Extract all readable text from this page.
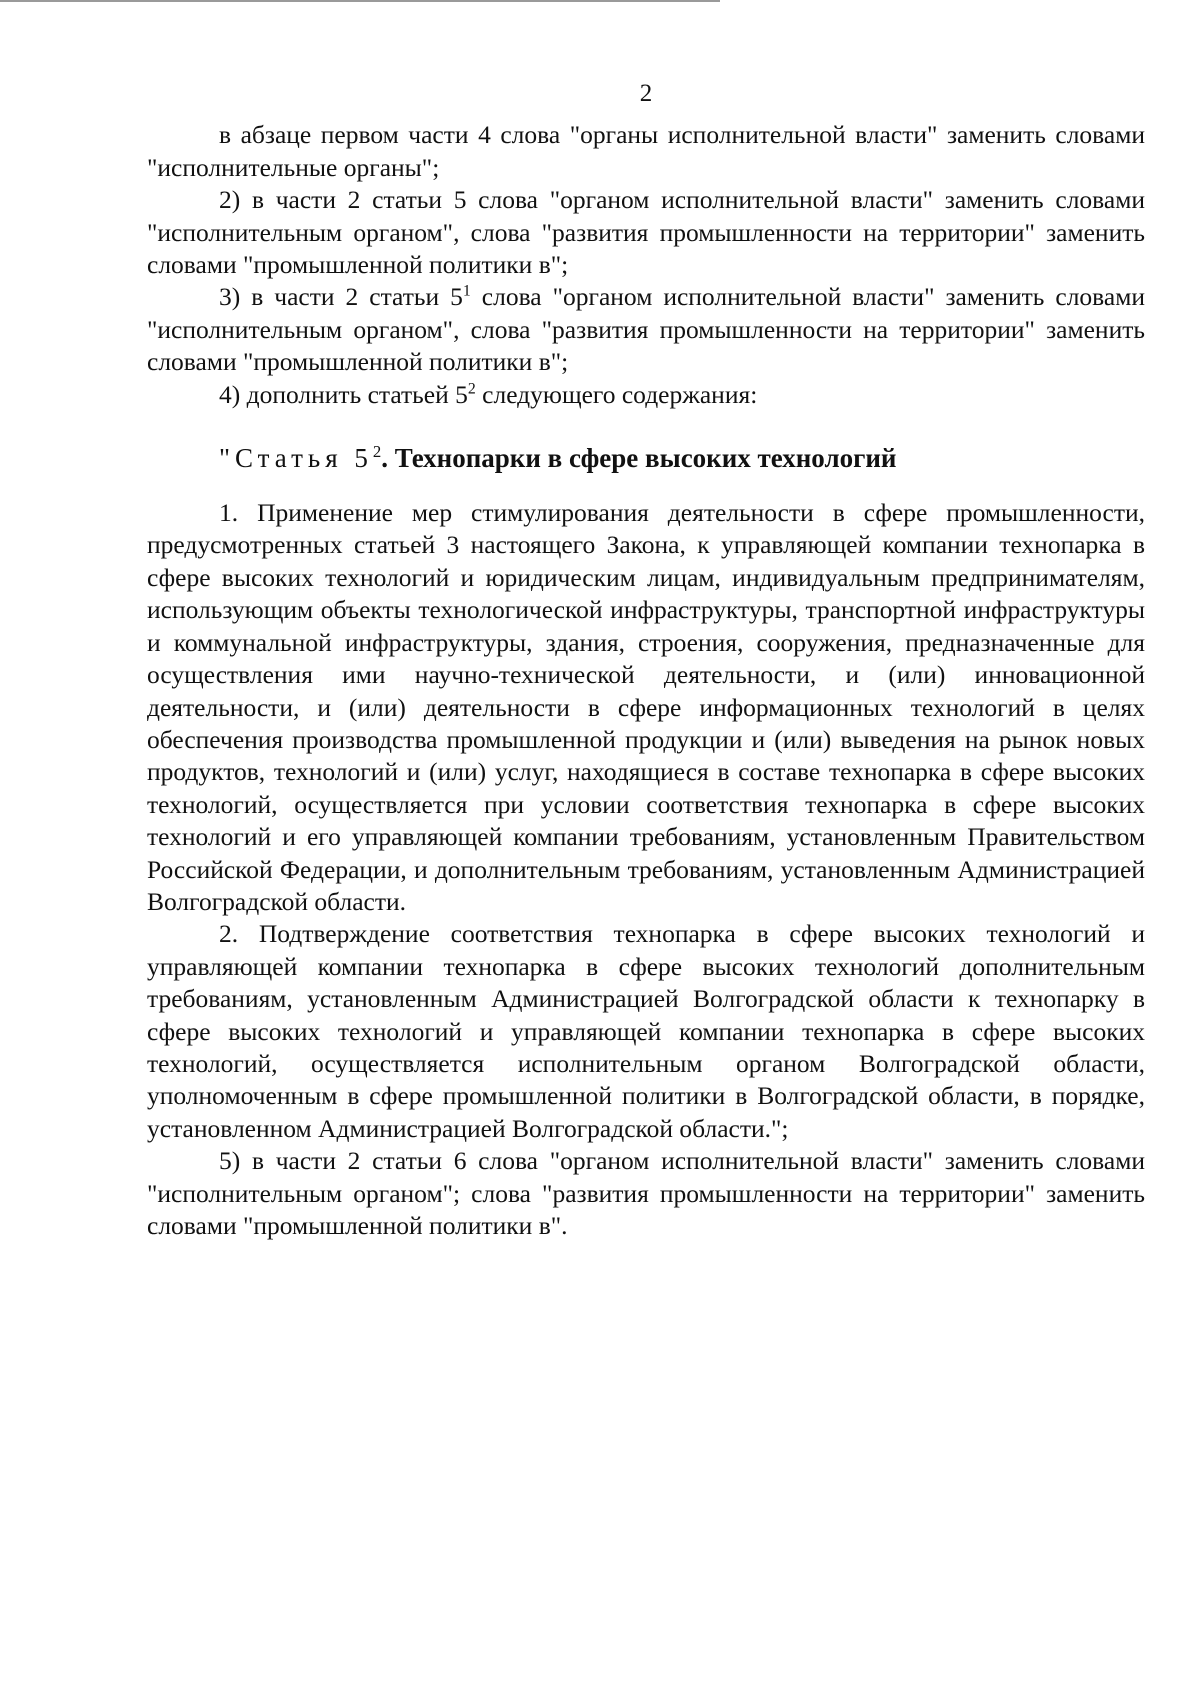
2

в абзаце первом части 4 слова "органы исполнительной власти" заменить словами "исполнительные органы";

2) в части 2 статьи 5 слова "органом исполнительной власти" заменить словами "исполнительным органом", слова "развития промышленности на территории" заменить словами "промышленной политики в";

3) в части 2 статьи $5^1$ слова "органом исполнительной власти" заменить словами "исполнительным органом", слова "развития промышленности на территории" заменить словами "промышленной политики в";

4) дополнить статьей $5^2$ следующего содержания:

"Статья $5^2$. Технопарки в сфере высоких технологий

1. Применение мер стимулирования деятельности в сфере промышленности, предусмотренных статьей 3 настоящего Закона, к управляющей компании технопарка в сфере высоких технологий и юридическим лицам, индивидуальным предпринимателям, использующим объекты технологической инфраструктуры, транспортной инфраструктуры и коммунальной инфраструктуры, здания, строения, сооружения, предназначенные для осуществления ими научно-технической деятельности, и (или) инновационной деятельности, и (или) деятельности в сфере информационных технологий в целях обеспечения производства промышленной продукции и (или) выведения на рынок новых продуктов, технологий и (или) услуг, находящиеся в составе технопарка в сфере высоких технологий, осуществляется при условии соответствия технопарка в сфере высоких технологий и его управляющей компании требованиям, установленным Правительством Российской Федерации, и дополнительным требованиям, установленным Администрацией Волгоградской области.

2. Подтверждение соответствия технопарка в сфере высоких технологий и управляющей компании технопарка в сфере высоких технологий дополнительным требованиям, установленным Администрацией Волгоградской области к технопарку в сфере высоких технологий и управляющей компании технопарка в сфере высоких технологий, осуществляется исполнительным органом Волгоградской области, уполномоченным в сфере промышленной политики в Волгоградской области, в порядке, установленном Администрацией Волгоградской области.";

5) в части 2 статьи 6 слова "органом исполнительной власти" заменить словами "исполнительным органом"; слова "развития промышленности на территории" заменить словами "промышленной политики в".
